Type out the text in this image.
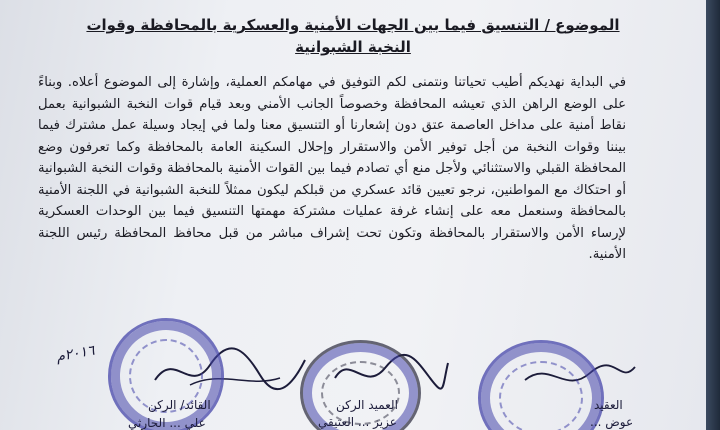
الموضوع / التنسيق فيما بين الجهات الأمنية والعسكرية بالمحافظة وقوات
النخبة الشبوانية

في البداية نهديكم أطيب تحياتنا ونتمنى لكم التوفيق في مهامكم العملية، وإشارة إلى الموضوع أعلاه. وبناءً على الوضع الراهن الذي تعيشه المحافظة وخصوصاً الجانب الأمني وبعد قيام قوات النخبة الشبوانية بعمل نقاط أمنية على مداخل العاصمة عتق دون إشعارنا أو التنسيق معنا ولما في إيجاد وسيلة عمل مشترك فيما بيننا وقوات النخبة من أجل توفير الأمن والاستقرار وإحلال السكينة العامة بالمحافظة وكما تعرفون وضع المحافظة القبلي والاستثنائي ولأجل منع أي تصادم فيما بين القوات الأمنية بالمحافظة وقوات النخبة الشبوانية أو احتكاك مع المواطنين، نرجو تعيين قائد عسكري من قبلكم ليكون ممثلاً للنخبة الشبوانية في اللجنة الأمنية بالمحافظة وسنعمل معه على إنشاء غرفة عمليات مشتركة مهمتها التنسيق فيما بين الوحدات العسكرية لإرساء الأمن والاستقرار بالمحافظة وتكون تحت إشراف مباشر من قبل محافظ المحافظة رئيس اللجنة الأمنية.

٢٠١٦م
القائد/ الركن
علي ... الحارثي
العميد الركن
عزيز ... العتيقي
العقيد
عوض ...
